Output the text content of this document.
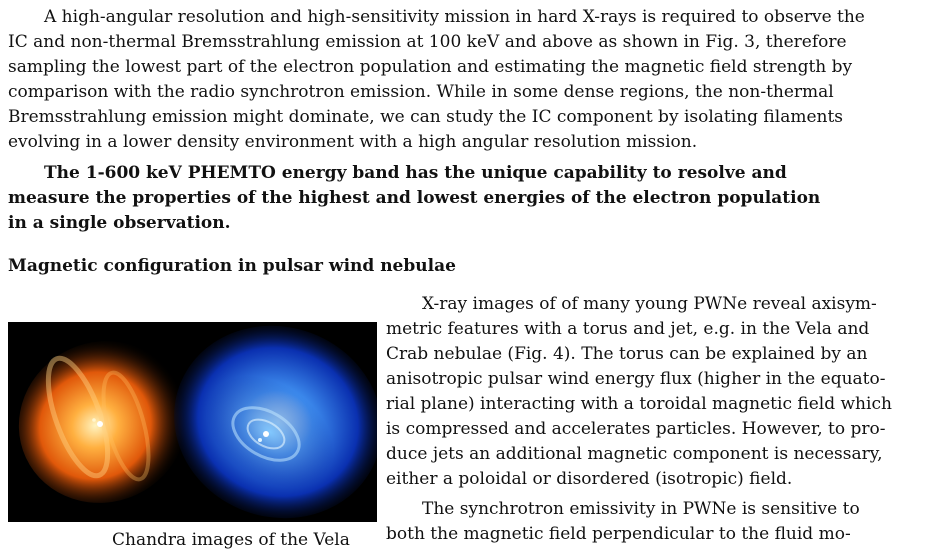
A high-angular resolution and high-sensitivity mission in hard X-rays is required to observe the
IC and non-thermal Bremsstrahlung emission at 100 keV and above as shown in Fig. 3, therefore
sampling the lowest part of the electron population and estimating the magnetic field strength by
comparison with the radio synchrotron emission. While in some dense regions, the non-thermal
Bremsstrahlung emission might dominate, we can study the IC component by isolating filaments
evolving in a lower density environment with a high angular resolution mission.
The 1-600 keV PHEMTO energy band has the unique capability to resolve and
measure the properties of the highest and lowest energies of the electron population
in a single observation.
Magnetic configuration in pulsar wind nebulae
X-ray images of of many young PWNe reveal axisym-
metric features with a torus and jet, e.g. in the Vela and
Crab nebulae (Fig. 4). The torus can be explained by an
anisotropic pulsar wind energy flux (higher in the equato-
rial plane) interacting with a toroidal magnetic field which
is compressed and accelerates particles. However, to pro-
duce jets an additional magnetic component is necessary,
either a poloidal or disordered (isotropic) field.
The synchrotron emissivity in PWNe is sensitive to
both the magnetic field perpendicular to the fluid mo-
Chandra images of the Vela
